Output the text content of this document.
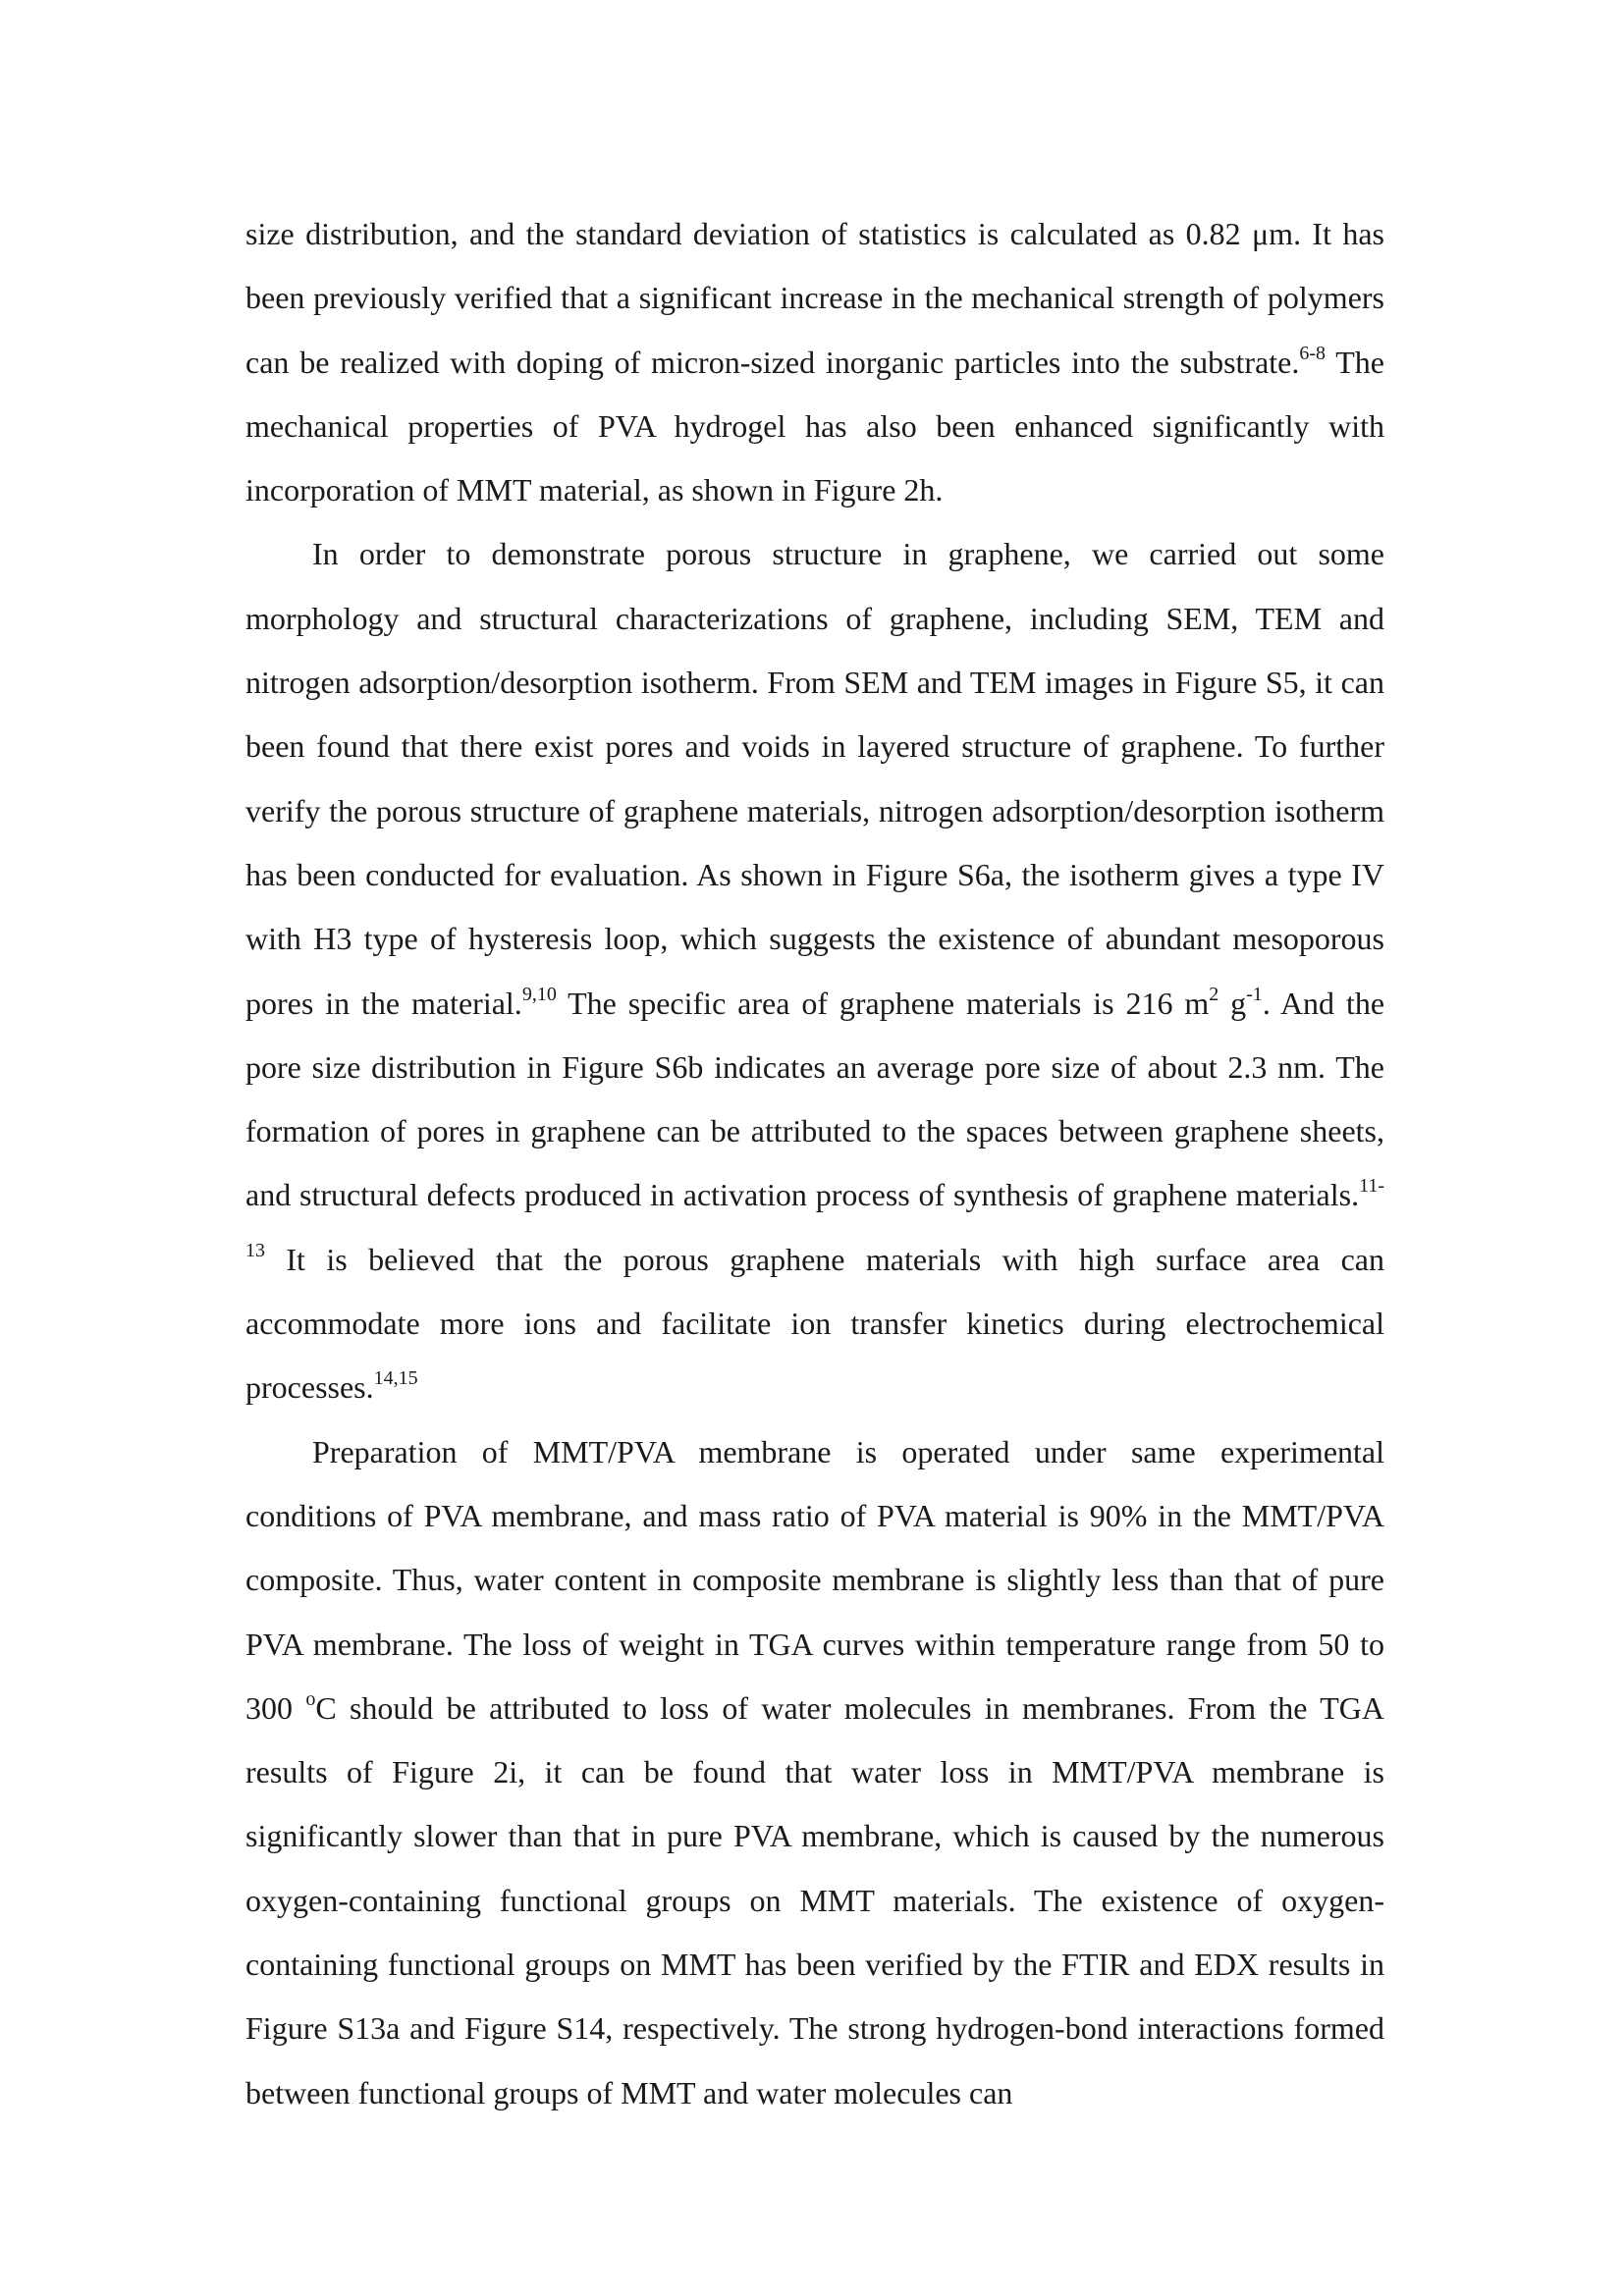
size distribution, and the standard deviation of statistics is calculated as 0.82 μm. It has been previously verified that a significant increase in the mechanical strength of polymers can be realized with doping of micron-sized inorganic particles into the substrate.$^{6-8}$ The mechanical properties of PVA hydrogel has also been enhanced significantly with incorporation of MMT material, as shown in Figure 2h.

In order to demonstrate porous structure in graphene, we carried out some morphology and structural characterizations of graphene, including SEM, TEM and nitrogen adsorption/desorption isotherm. From SEM and TEM images in Figure S5, it can been found that there exist pores and voids in layered structure of graphene. To further verify the porous structure of graphene materials, nitrogen adsorption/desorption isotherm has been conducted for evaluation. As shown in Figure S6a, the isotherm gives a type IV with H3 type of hysteresis loop, which suggests the existence of abundant mesoporous pores in the material.$^{9,10}$ The specific area of graphene materials is 216 $m^2$ $g^{-1}$. And the pore size distribution in Figure S6b indicates an average pore size of about 2.3 nm. The formation of pores in graphene can be attributed to the spaces between graphene sheets, and structural defects produced in activation process of synthesis of graphene materials.$^{11-13}$ It is believed that the porous graphene materials with high surface area can accommodate more ions and facilitate ion transfer kinetics during electrochemical processes.$^{14,15}$

Preparation of MMT/PVA membrane is operated under same experimental conditions of PVA membrane, and mass ratio of PVA material is 90% in the MMT/PVA composite. Thus, water content in composite membrane is slightly less than that of pure PVA membrane. The loss of weight in TGA curves within temperature range from 50 to 300 $^o$C should be attributed to loss of water molecules in membranes. From the TGA results of Figure 2i, it can be found that water loss in MMT/PVA membrane is significantly slower than that in pure PVA membrane, which is caused by the numerous oxygen-containing functional groups on MMT materials. The existence of oxygen-containing functional groups on MMT has been verified by the FTIR and EDX results in Figure S13a and Figure S14, respectively. The strong hydrogen-bond interactions formed between functional groups of MMT and water molecules can
